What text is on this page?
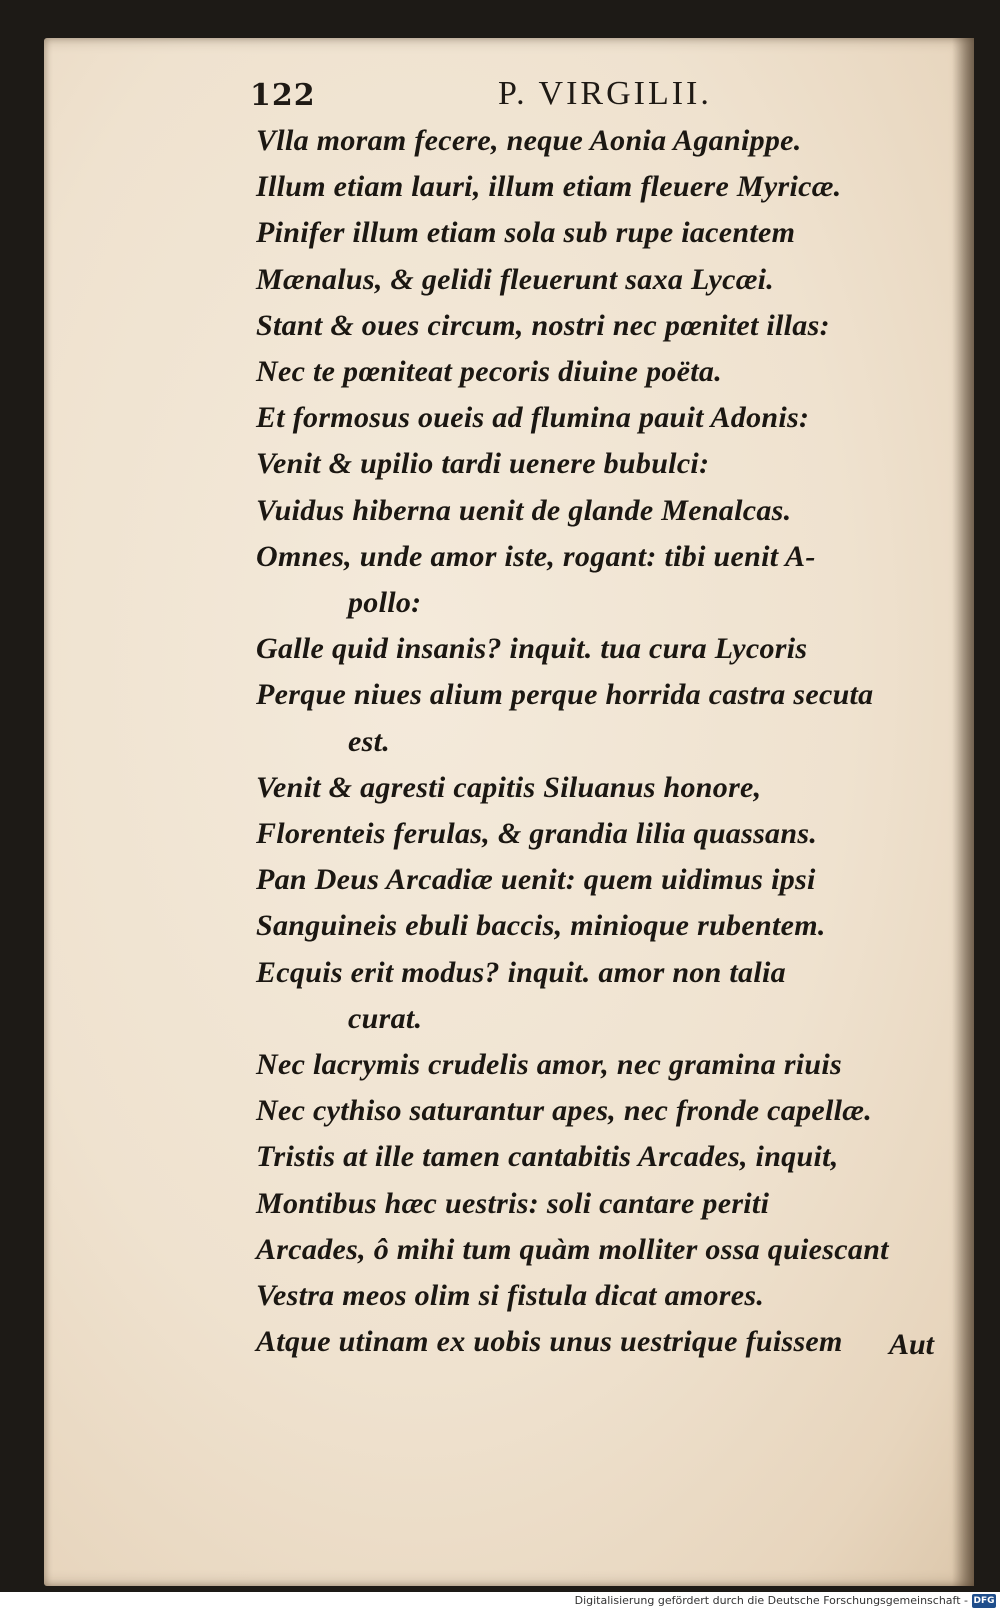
122	P. VIRGILII.
Vlla moram fecere, neque Aonia Aganippe.
Illum etiam lauri, illum etiam fleuere Myricæ.
Pinifer illum etiam sola sub rupe iacentem
Mænalus, & gelidi fleuerunt saxa Lycæi.
Stant & oues circum, nostri nec pœnitet illas:
Nec te pœniteat pecoris diuine poëta.
Et formosus oueis ad flumina pauit Adonis:
Venit & upilio tardi uenere bubulci:
Vuidus hiberna uenit de glande Menalcas.
Omnes, unde amor iste, rogant: tibi uenit A-
pollo:
Galle quid insanis? inquit. tua cura Lycoris
Perque niues alium perque horrida castra secuta
est.
Venit & agresti capitis Siluanus honore,
Florenteis ferulas, & grandia lilia quassans.
Pan Deus Arcadiæ uenit: quem uidimus ipsi
Sanguineis ebuli baccis, minioque rubentem.
Ecquis erit modus? inquit. amor non talia
curat.
Nec lacrymis crudelis amor, nec gramina riuis
Nec cythiso saturantur apes, nec fronde capellæ.
Tristis at ille tamen cantabitis Arcades, inquit,
Montibus hæc uestris: soli cantare periti
Arcades, ô mihi tum quàm molliter ossa quiescant
Vestra meos olim si fistula dicat amores.
Atque utinam ex uobis unus uestrique fuissem	Aut
Digitalisierung gefördert durch die Deutsche Forschungsgemeinschaft - DFG
